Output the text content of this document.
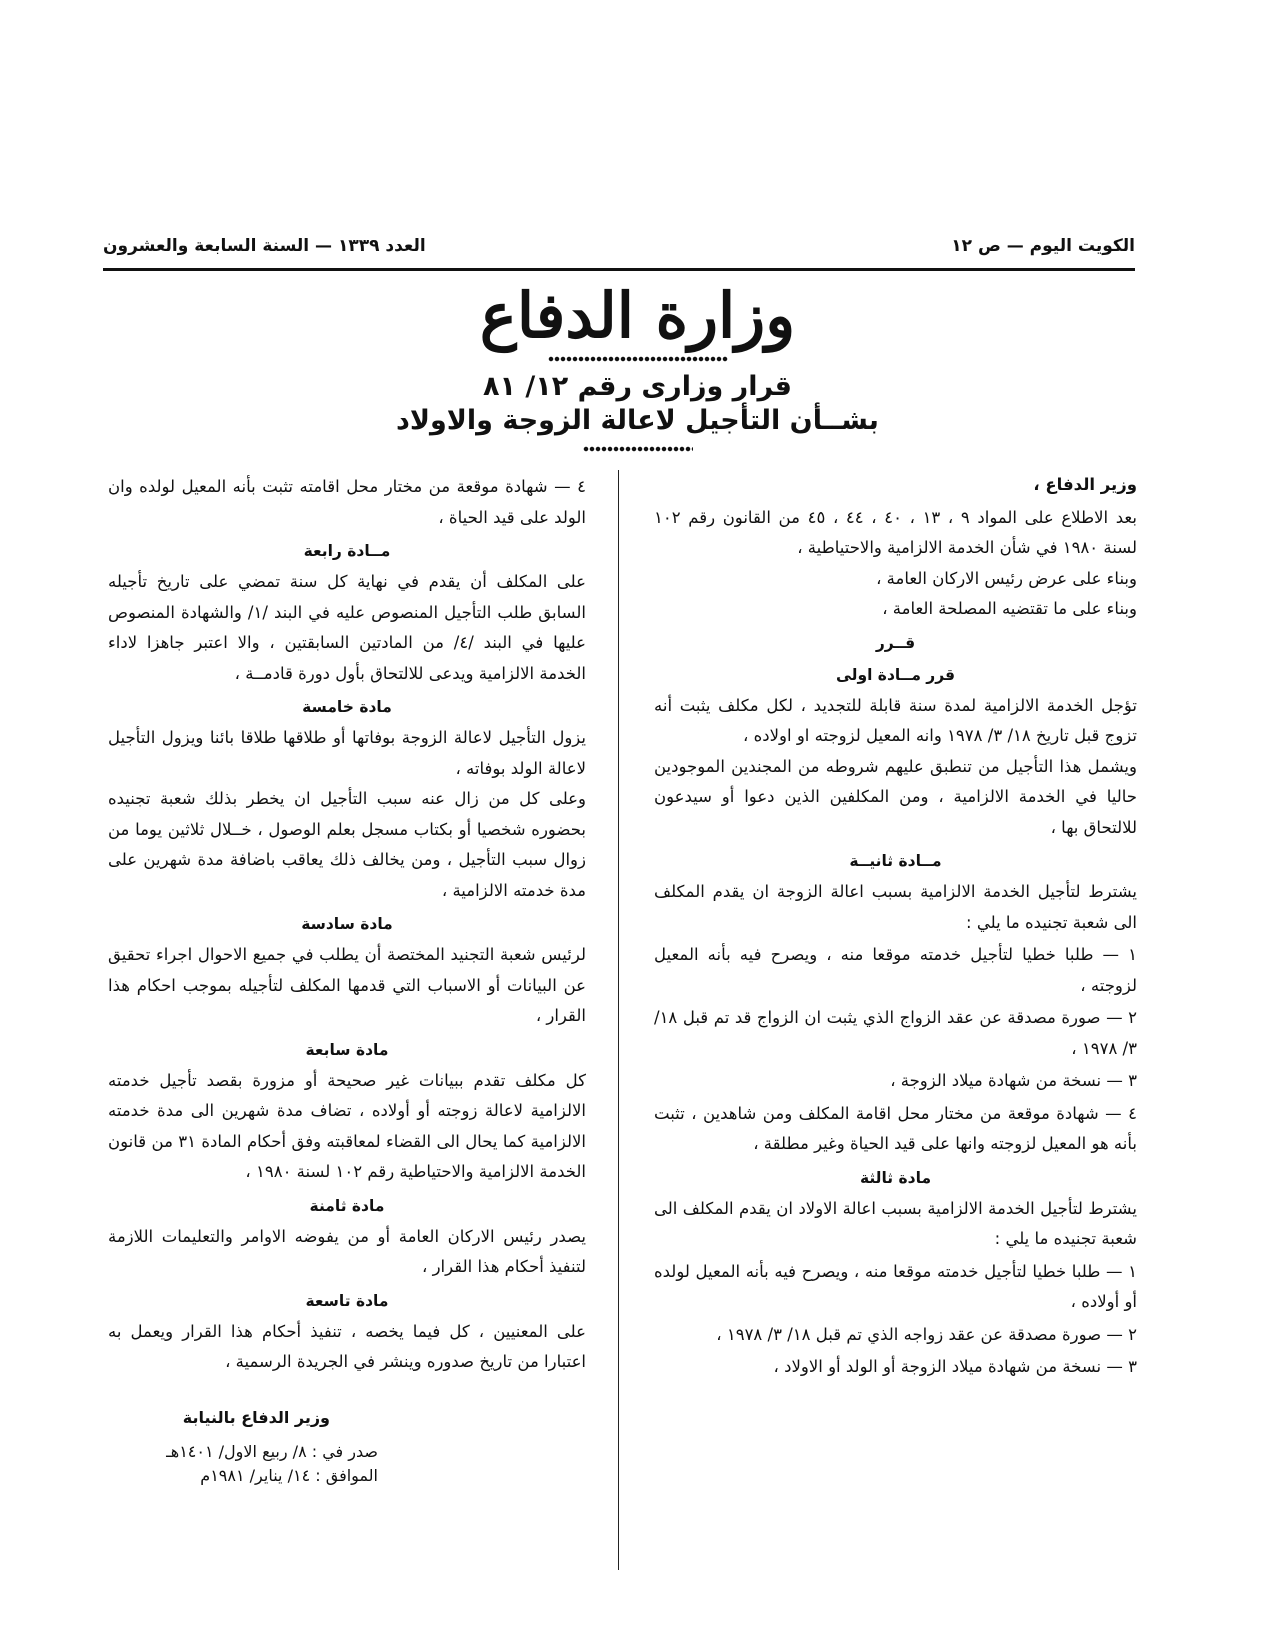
الكويت اليوم — ص ١٢
العدد ١٣٣٩ — السنة السابعة والعشرون
وزارة الدفاع
قرار وزارى رقم ١٢/ ٨١
بشــأن التأجيل لاعالة الزوجة والاولاد

وزير الدفاع ،

بعد الاطلاع على المواد ٩ ، ١٣ ، ٤٠ ، ٤٤ ، ٤٥ من القانون رقم ١٠٢ لسنة ١٩٨٠ في شأن الخدمة الالزامية والاحتياطية ،

وبناء على عرض رئيس الاركان العامة ،

وبناء على ما تقتضيه المصلحة العامة ،

قــرر

قرر مــادة اولى

تؤجل الخدمة الالزامية لمدة سنة قابلة للتجديد ، لكل مكلف يثبت أنه تزوج قبل تاريخ ١٨/ ٣/ ١٩٧٨ وانه المعيل لزوجته او اولاده ،

ويشمل هذا التأجيل من تنطبق عليهم شروطه من المجندين الموجودين حاليا في الخدمة الالزامية ، ومن المكلفين الذين دعوا أو سيدعون للالتحاق بها ،

مــادة ثانيــة

يشترط لتأجيل الخدمة الالزامية بسبب اعالة الزوجة ان يقدم المكلف الى شعبة تجنيده ما يلي :

١ — طلبا خطيا لتأجيل خدمته موقعا منه ، ويصرح فيه بأنه المعيل لزوجته ،

٢ — صورة مصدقة عن عقد الزواج الذي يثبت ان الزواج قد تم قبل ١٨/ ٣/ ١٩٧٨ ،

٣ — نسخة من شهادة ميلاد الزوجة ،

٤ — شهادة موقعة من مختار محل اقامة المكلف ومن شاهدين ، تثبت بأنه هو المعيل لزوجته وانها على قيد الحياة وغير مطلقة ،

مادة ثالثة

يشترط لتأجيل الخدمة الالزامية بسبب اعالة الاولاد ان يقدم المكلف الى شعبة تجنيده ما يلي :

١ — طلبا خطيا لتأجيل خدمته موقعا منه ، ويصرح فيه بأنه المعيل لولده أو أولاده ،

٢ — صورة مصدقة عن عقد زواجه الذي تم قبل ١٨/ ٣/ ١٩٧٨ ،

٣ — نسخة من شهادة ميلاد الزوجة أو الولد أو الاولاد ،

٤ — شهادة موقعة من مختار محل اقامته تثبت بأنه المعيل لولده وان الولد على قيد الحياة ،

مــادة رابعة

على المكلف أن يقدم في نهاية كل سنة تمضي على تاريخ تأجيله السابق طلب التأجيل المنصوص عليه في البند /١/ والشهادة المنصوص عليها في البند /٤/ من المادتين السابقتين ، والا اعتبر جاهزا لاداء الخدمة الالزامية ويدعى للالتحاق بأول دورة قادمــة ،

مادة خامسة

يزول التأجيل لاعالة الزوجة بوفاتها أو طلاقها طلاقا بائنا ويزول التأجيل لاعالة الولد بوفاته ،

وعلى كل من زال عنه سبب التأجيل ان يخطر بذلك شعبة تجنيده بحضوره شخصيا أو بكتاب مسجل بعلم الوصول ، خــلال ثلاثين يوما من زوال سبب التأجيل ، ومن يخالف ذلك يعاقب باضافة مدة شهرين على مدة خدمته الالزامية ،

مادة سادسة

لرئيس شعبة التجنيد المختصة أن يطلب في جميع الاحوال اجراء تحقيق عن البيانات أو الاسباب التي قدمها المكلف لتأجيله بموجب احكام هذا القرار ،

مادة سابعة

كل مكلف تقدم ببيانات غير صحيحة أو مزورة بقصد تأجيل خدمته الالزامية لاعالة زوجته أو أولاده ، تضاف مدة شهرين الى مدة خدمته الالزامية كما يحال الى القضاء لمعاقبته وفق أحكام المادة ٣١ من قانون الخدمة الالزامية والاحتياطية رقم ١٠٢ لسنة ١٩٨٠ ،

مادة ثامنة

يصدر رئيس الاركان العامة أو من يفوضه الاوامر والتعليمات اللازمة لتنفيذ أحكام هذا القرار ،

مادة تاسعة

على المعنيين ، كل فيما يخصه ، تنفيذ أحكام هذا القرار ويعمل به اعتبارا من تاريخ صدوره وينشر في الجريدة الرسمية ،

وزير الدفاع بالنيابة
صدر في : ٨/ ربيع الاول/ ١٤٠١هـ
الموافق : ١٤/ يناير/ ١٩٨١م
